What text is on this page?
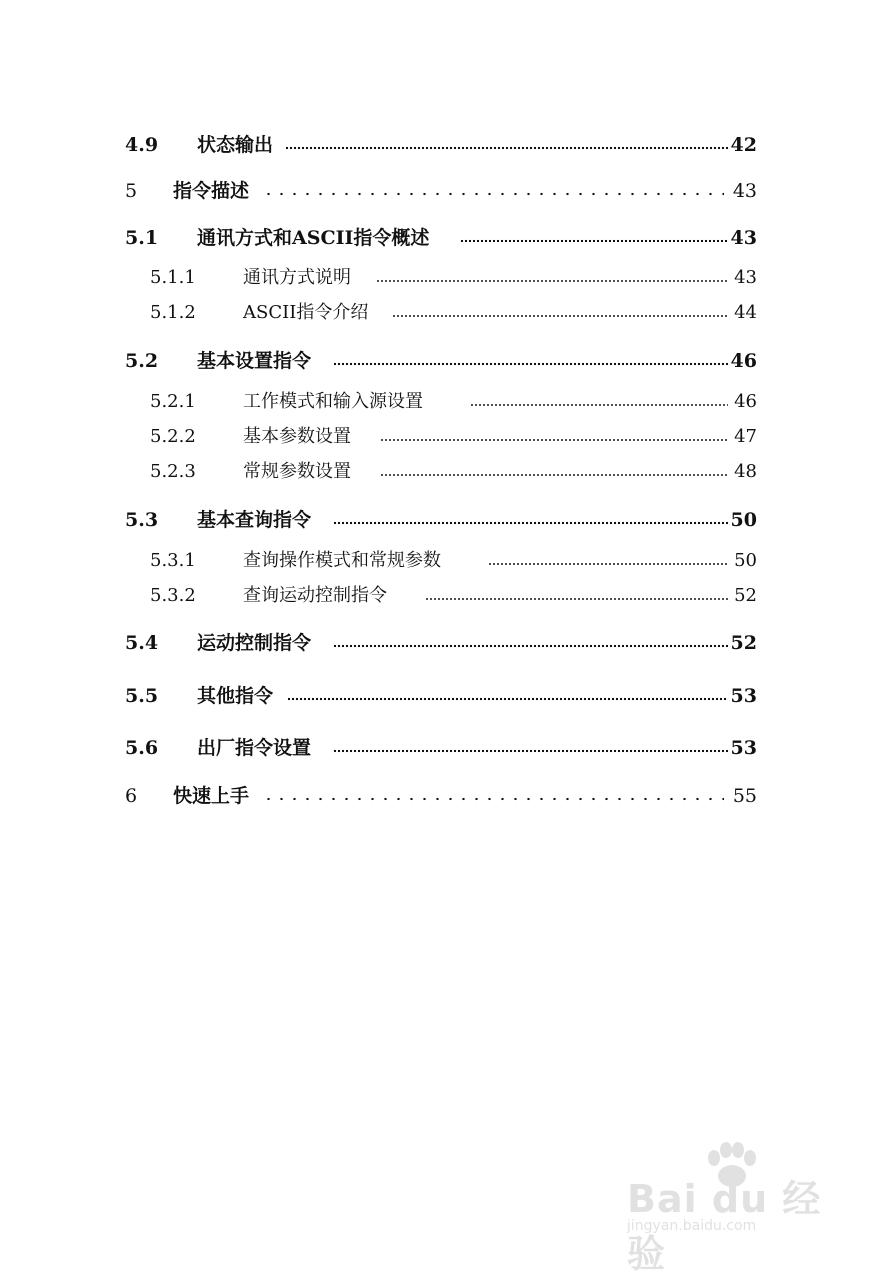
4.9 状态输出	42
5 指令描述	43
5.1 通讯方式和ASCII指令概述	43
5.1.1	通讯方式说明	43
5.1.2	ASCII指令介绍	44
5.2 基本设置指令	46
5.2.1	工作模式和输入源设置	46
5.2.2	基本参数设置	47
5.2.3	常规参数设置	48
5.3 基本查询指令	50
5.3.1	查询操作模式和常规参数	50
5.3.2	查询运动控制指令	52
5.4 运动控制指令	52
5.5 其他指令	53
5.6 出厂指令设置	53
6 快速上手	55
Bai du 经验
jingyan.baidu.com
